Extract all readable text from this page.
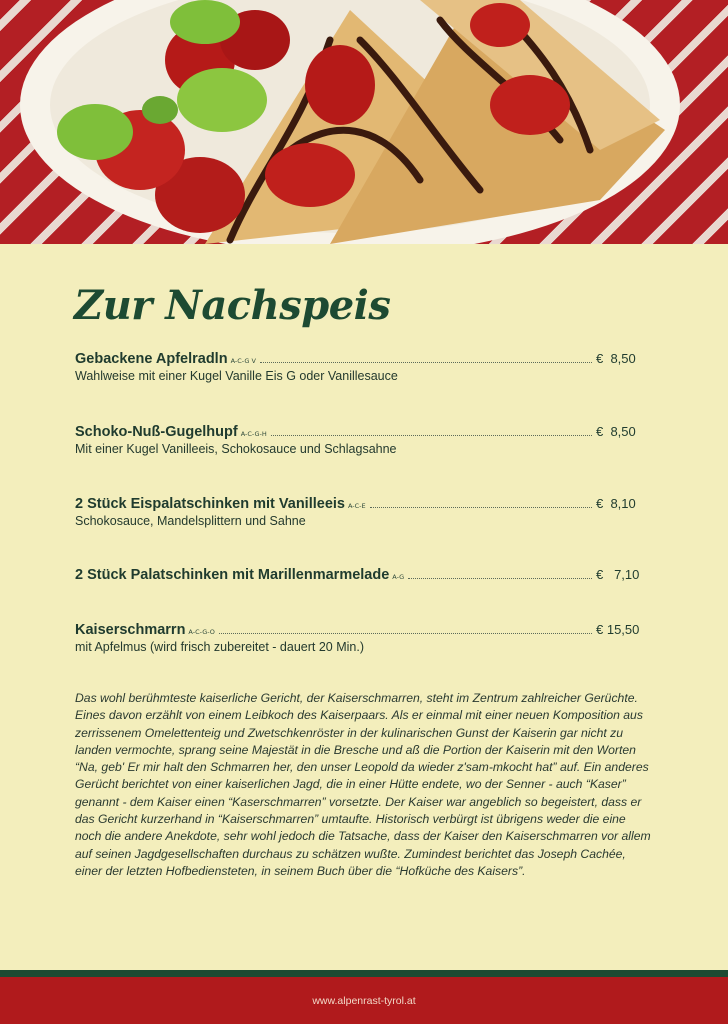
Zur Nachspeis
Gebackene Apfelradln A-C-G V	€  8,50
Wahlweise mit einer Kugel Vanille Eis G oder Vanillesauce
Schoko-Nuß-Gugelhupf A-C-G-H	€  8,50
Mit einer Kugel Vanilleeis, Schokosauce und Schlagsahne
2 Stück Eispalatschinken mit Vanilleeis A-C-E	€  8,10
Schokosauce, Mandelsplittern und Sahne
2 Stück Palatschinken mit Marillenmarmelade A-G	€   7,10
Kaiserschmarrn A-C-G-O	€ 15,50
mit Apfelmus (wird frisch zubereitet - dauert 20 Min.)
Das wohl berühmteste kaiserliche Gericht, der Kaiserschmarren, steht im Zentrum zahlreicher Gerüchte. Eines davon erzählt von einem Leibkoch des Kaiserpaars. Als er einmal mit einer neuen Komposition aus zerrissenem Omelettenteig und Zwetschkenröster in der kulinarischen Gunst der Kaiserin gar nicht zu landen vermochte, sprang seine Majestät in die Bresche und aß die Portion der Kaiserin mit den Worten “Na, geb' Er mir halt den Schmarren her, den unser Leopold da wieder z'sam-mkocht hat” auf. Ein anderes Gerücht berichtet von einer kaiserlichen Jagd, die in einer Hütte endete, wo der Senner - auch “Kaser” genannt - dem Kaiser einen “Kaserschmarren” vorsetzte. Der Kaiser war angeblich so begeistert, dass er das Gericht kurzerhand in “Kaiserschmarren” umtaufte. Historisch verbürgt ist übrigens weder die eine noch die andere Anekdote, sehr wohl jedoch die Tatsache, dass der Kaiser den Kaiserschmarren vor allem auf seinen Jagdgesellschaften durchaus zu schätzen wußte. Zumindest berichtet das Joseph Cachée, einer der letzten Hofbediensteten, in seinem Buch über die “Hofküche des Kaisers”.
www.alpenrast-tyrol.at
